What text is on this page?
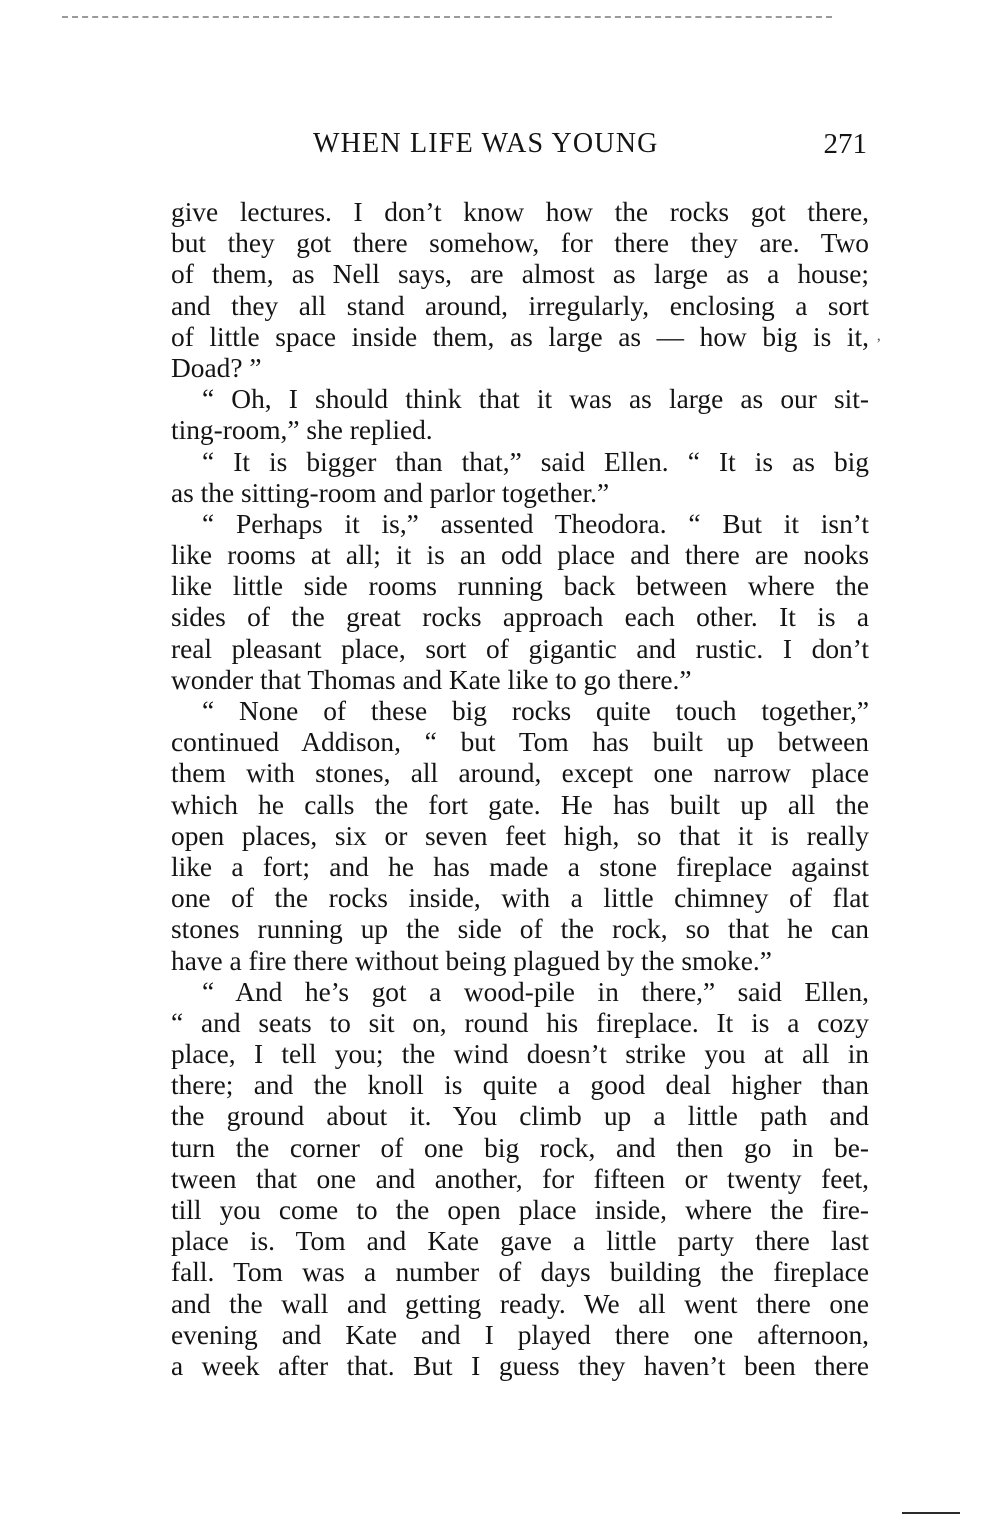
WHEN LIFE WAS YOUNG	271
’
give lectures. I don’t know how the rocks got there,
but they got there somehow, for there they are. Two
of them, as Nell says, are almost as large as a house;
and they all stand around, irregularly, enclosing a sort
of little space inside them, as large as — how big is it,
Doad? ”
“ Oh, I should think that it was as large as our sit-
ting-room,” she replied.
“ It is bigger than that,” said Ellen. “ It is as big
as the sitting-room and parlor together.”
“ Perhaps it is,” assented Theodora. “ But it isn’t
like rooms at all; it is an odd place and there are nooks
like little side rooms running back between where the
sides of the great rocks approach each other. It is a
real pleasant place, sort of gigantic and rustic. I don’t
wonder that Thomas and Kate like to go there.”
“ None of these big rocks quite touch together,”
continued Addison, “ but Tom has built up between
them with stones, all around, except one narrow place
which he calls the fort gate. He has built up all the
open places, six or seven feet high, so that it is really
like a fort; and he has made a stone fireplace against
one of the rocks inside, with a little chimney of flat
stones running up the side of the rock, so that he can
have a fire there without being plagued by the smoke.”
“ And he’s got a wood-pile in there,” said Ellen,
“ and seats to sit on, round his fireplace. It is a cozy
place, I tell you; the wind doesn’t strike you at all in
there; and the knoll is quite a good deal higher than
the ground about it. You climb up a little path and
turn the corner of one big rock, and then go in be-
tween that one and another, for fifteen or twenty feet,
till you come to the open place inside, where the fire-
place is. Tom and Kate gave a little party there last
fall. Tom was a number of days building the fireplace
and the wall and getting ready. We all went there one
evening and Kate and I played there one afternoon,
a week after that. But I guess they haven’t been there
